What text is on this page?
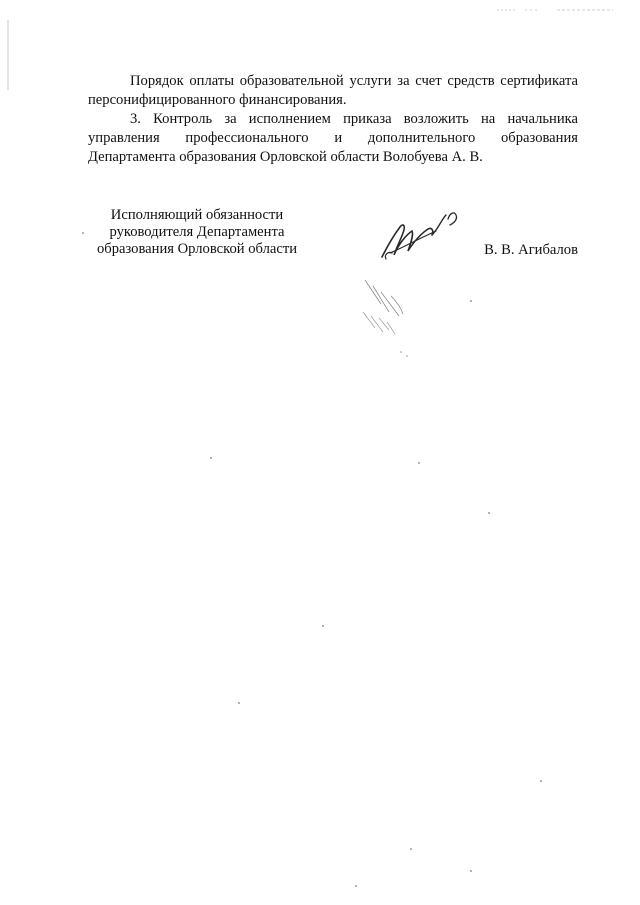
Порядок оплаты образовательной услуги за счет средств сертификата персонифицированного финансирования.

3. Контроль за исполнением приказа возложить на начальника управления профессионального и дополнительного образования Департамента образования Орловской области Волобуева А. В.

Исполняющий обязанности
руководителя Департамента
образования Орловской области	В. В. Агибалов
